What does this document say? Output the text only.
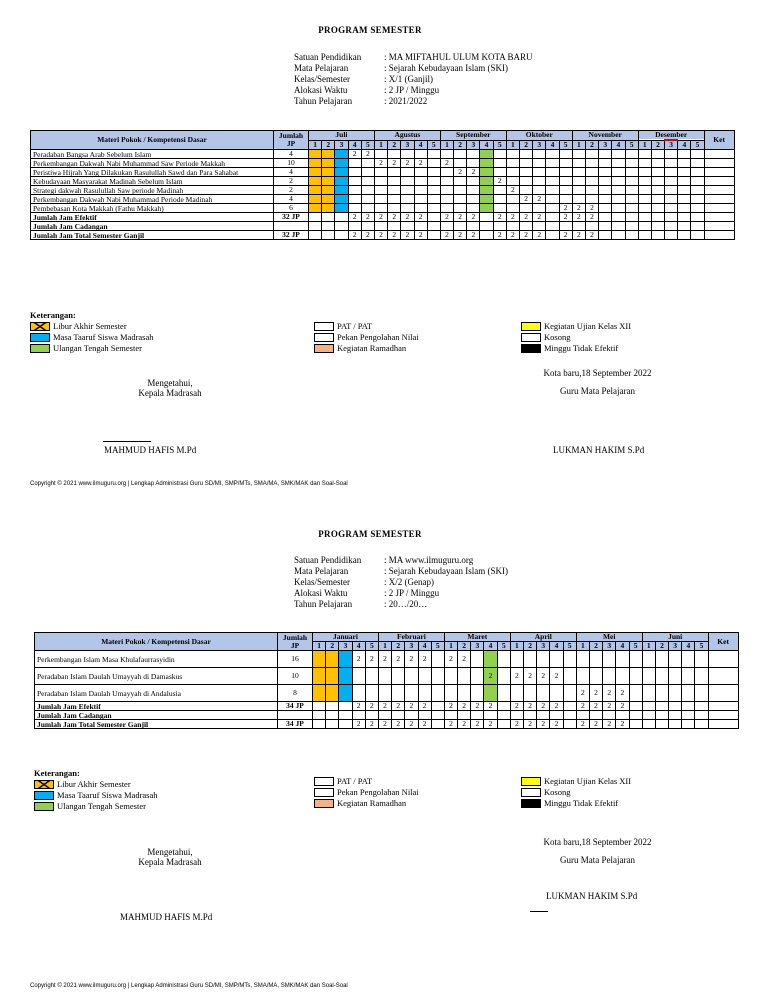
PROGRAM SEMESTER
Satuan Pendidikan	: MA MIFTAHUL ULUM KOTA BARU
Mata Pelajaran	: Sejarah Kebudayaan Islam (SKI)
Kelas/Semester	: X/1 (Ganjil)
Alokasi Waktu	: 2 JP / Minggu
Tahun Pelajaran	: 2021/2022
Materi Pokok / Kompetensi Dasar	Jumlah JP	Juli					Agustus					September					Oktober					November					Desember					Ket
		1	2	3	4	5	1	2	3	4	5	1	2	3	4	5	1	2	3	4	5	1	2	3	4	5	1	2	3	4	5	
Peradaban Bangsa Arab Sebelum Islam	4				2	2																										
Perkembangan Dakwah Nabi Muhammad Saw Periode Makkah	10						2	2	2	2		2																				
Peristiwa Hijrah Yang Dilakukan Rasulullah Sawd dan Para Sahabat	4												2	2																		
Kebudayaan Masyarakat Madinah Sebelum Islam	2															2																
Strategi dakwah Rasulullah Saw periode Madinah	2																2															
Perkembangan Dakwah Nabi Muhammad Periode Madinah	4																	2	2													
Pembebasan Kota Makkah (Fathu Makkah)	6																				2	2	2									
Jumlah Jam Efektif	32 JP				2	2	2	2	2	2		2	2	2		2	2	2	2		2	2	2									
Jumlah Jam Cadangan																																
Jumlah Jam Total Semester Ganjil	32 JP				2	2	2	2	2	2		2	2	2		2	2	2	2		2	2	2									
Keterangan:
Libur Akhir Semester
Masa Taaruf Siswa Madrasah
Ulangan Tengah Semester
PAT / PAT
Pekan Pengolahan Nilai
Kegiatan Ramadhan
Kegiatan Ujian Kelas XII
Kosong
Minggu Tidak Efektif
Mengetahui,
Kepala Madrasah
MAHMUD HAFIS M.Pd
Kota baru,18 September 2022
Guru Mata Pelajaran
LUKMAN HAKIM S.Pd
Copyright © 2021 www.ilmuguru.org | Lengkap Administrasi Guru SD/MI, SMP/MTs, SMA/MA, SMK/MAK dan Soal-Soal
PROGRAM SEMESTER
Satuan Pendidikan	: MA www.ilmuguru.org
Mata Pelajaran	: Sejarah Kebudayaan Islam (SKI)
Kelas/Semester	: X/2 (Genap)
Alokasi Waktu	: 2 JP / Minggu
Tahun Pelajaran	: 20…/20…
Materi Pokok / Kompetensi Dasar	Jumlah JP	Januari					Februari					Maret					April					Mei					Juni					Ket
		1	2	3	4	5	1	2	3	4	5	1	2	3	4	5	1	2	3	4	5	1	2	3	4	5	1	2	3	4	5	
Perkembangan Islam Masa Khulafaurrasyidin	16				2	2	2	2	2	2		2	2																			
Peradaban Islam Daulah Umayyah di Damaskus	10														2		2	2	2	2												
Peradaban Islam Daulah Umayyah di Andalusia	8																					2	2	2	2							
Jumlah Jam Efektif	34 JP				2	2	2	2	2	2		2	2	2	2		2	2	2	2		2	2	2	2							
Jumlah Jam Cadangan																																
Jumlah Jam Total Semester Ganjil	34 JP				2	2	2	2	2	2		2	2	2	2		2	2	2	2		2	2	2	2							
Keterangan:
Libur Akhir Semester
Masa Taaruf Siswa Madrasah
Ulangan Tengah Semester
PAT / PAT
Pekan Pengolahan Nilai
Kegiatan Ramadhan
Kegiatan Ujian Kelas XII
Kosong
Minggu Tidak Efektif
Mengetahui,
Kepala Madrasah
MAHMUD HAFIS M.Pd
Kota baru,18 September 2022
Guru Mata Pelajaran
LUKMAN HAKIM S.Pd
Copyright © 2021 www.ilmuguru.org | Lengkap Administrasi Guru SD/MI, SMP/MTs, SMA/MA, SMK/MAK dan Soal-Soal
